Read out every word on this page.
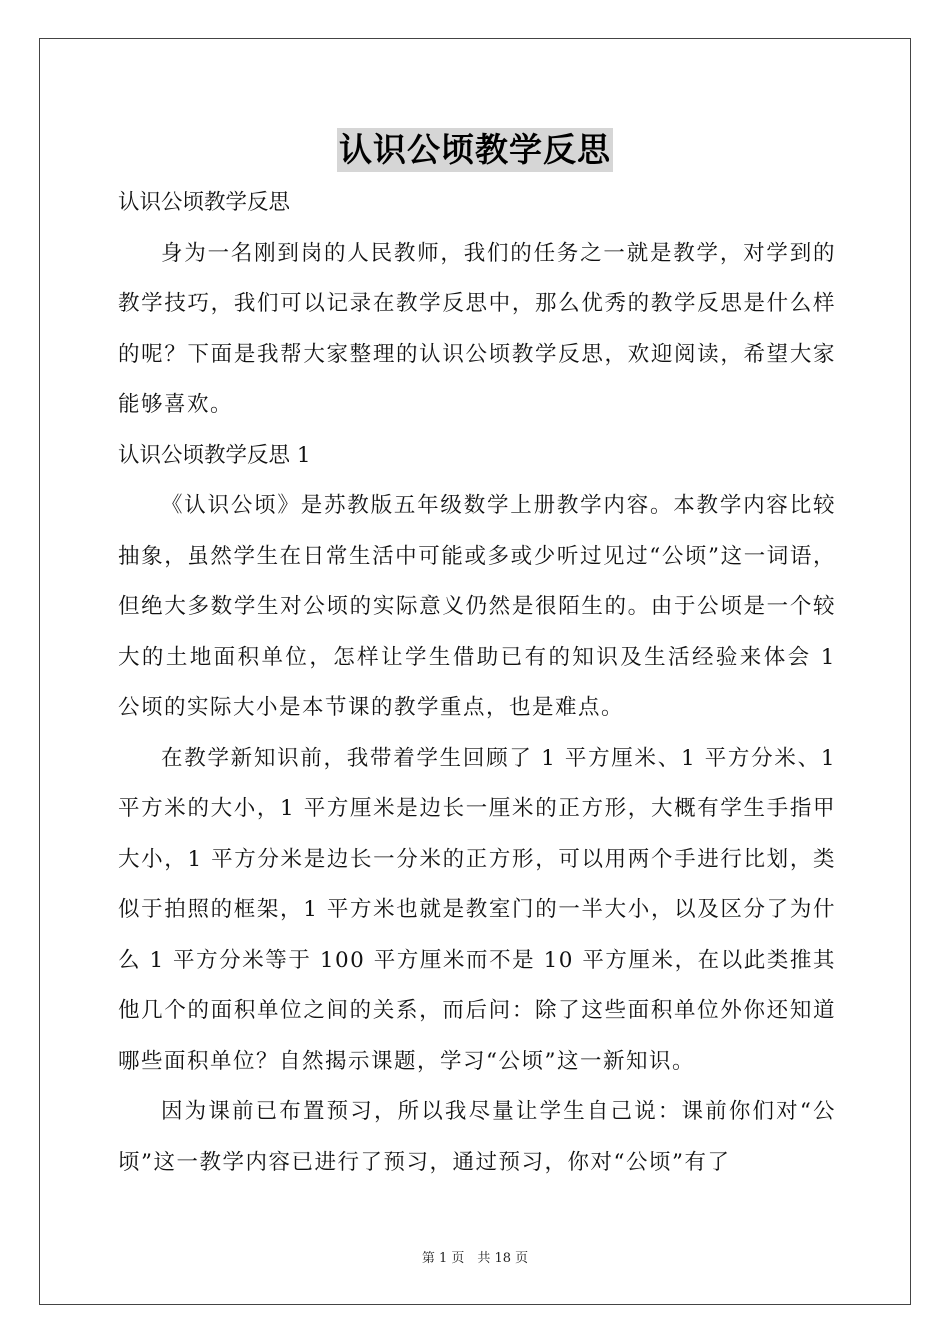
认识公顷教学反思

认识公顷教学反思

身为一名刚到岗的人民教师，我们的任务之一就是教学，对学到的教学技巧，我们可以记录在教学反思中，那么优秀的教学反思是什么样的呢？下面是我帮大家整理的认识公顷教学反思，欢迎阅读，希望大家能够喜欢。

认识公顷教学反思 1

《认识公顷》是苏教版五年级数学上册教学内容。本教学内容比较抽象，虽然学生在日常生活中可能或多或少听过见过“公顷”这一词语，但绝大多数学生对公顷的实际意义仍然是很陌生的。由于公顷是一个较大的土地面积单位，怎样让学生借助已有的知识及生活经验来体会 1 公顷的实际大小是本节课的教学重点，也是难点。

在教学新知识前，我带着学生回顾了 1 平方厘米、1 平方分米、1 平方米的大小，1 平方厘米是边长一厘米的正方形，大概有学生手指甲大小，1 平方分米是边长一分米的正方形，可以用两个手进行比划，类似于拍照的框架，1 平方米也就是教室门的一半大小，以及区分了为什么 1 平方分米等于 100 平方厘米而不是 10 平方厘米，在以此类推其他几个的面积单位之间的关系，而后问：除了这些面积单位外你还知道哪些面积单位？自然揭示课题，学习“公顷”这一新知识。

因为课前已布置预习，所以我尽量让学生自己说：课前你们对“公顷”这一教学内容已进行了预习，通过预习，你对“公顷”有了

第 1 页　共 18 页
